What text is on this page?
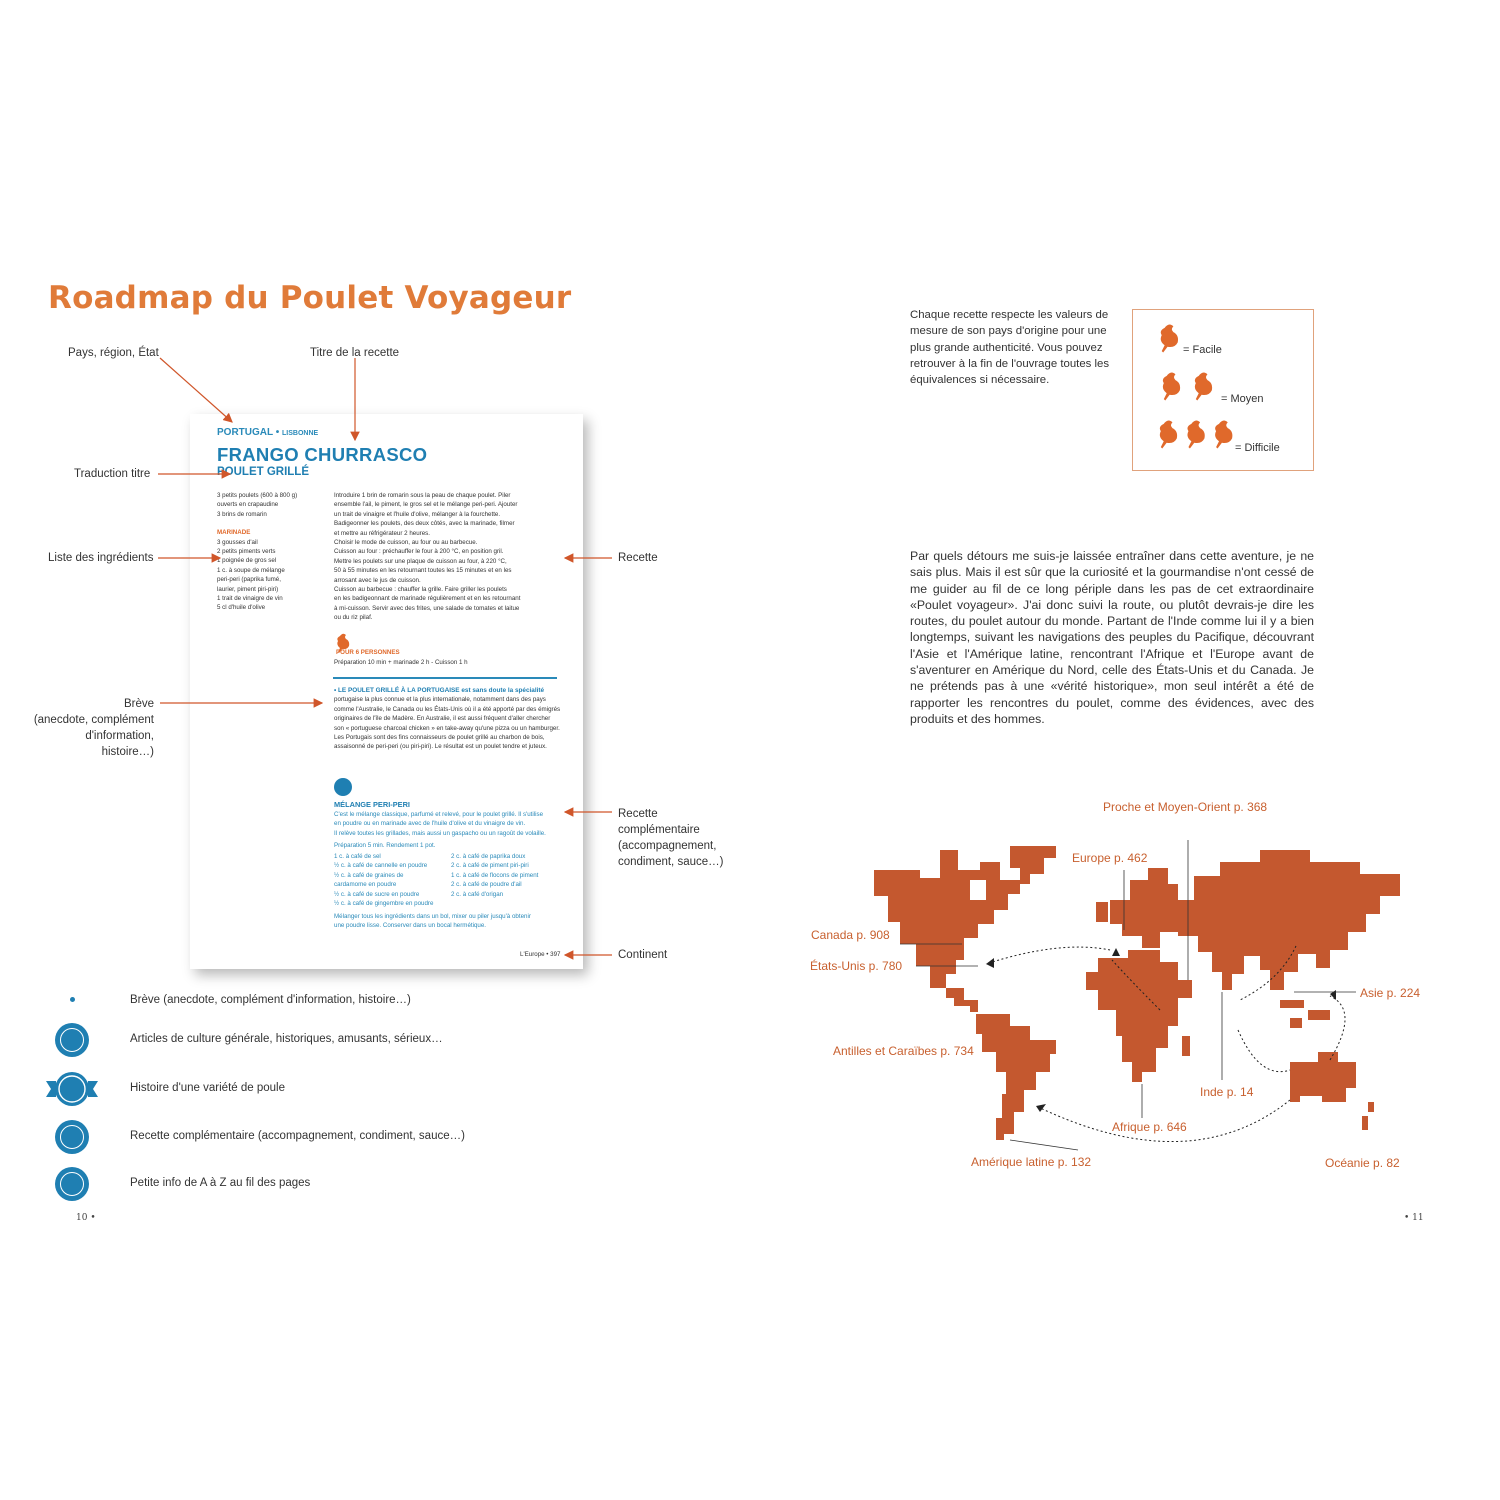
Roadmap du Poulet Voyageur
Pays, région, État	Titre de la recette
Traduction titre
Liste des ingrédients	Recette
Brève
(anecdote, complément
d'information, histoire…)
Recette
complémentaire
(accompagnement,
condiment, sauce…)
Continent
PORTUGAL • LISBONNE
FRANGO CHURRASCO
POULET GRILLÉ
3 petits poulets (600 à 800 g)
ouverts en crapaudine
3 brins de romarin
MARINADE
3 gousses d'ail
2 petits piments verts
1 poignée de gros sel
1 c. à soupe de mélange
peri-peri (paprika fumé,
laurier, piment piri-piri)
1 trait de vinaigre de vin
5 cl d'huile d'olive
Introduire 1 brin de romarin sous la peau de chaque poulet. Piler
ensemble l'ail, le piment, le gros sel et le mélange peri-peri. Ajouter
un trait de vinaigre et l'huile d'olive, mélanger à la fourchette.
Badigeonner les poulets, des deux côtés, avec la marinade, filmer
et mettre au réfrigérateur 2 heures.
Choisir le mode de cuisson, au four ou au barbecue.
Cuisson au four : préchauffer le four à 200 °C, en position gril.
Mettre les poulets sur une plaque de cuisson au four, à 220 °C,
50 à 55 minutes en les retournant toutes les 15 minutes et en les
arrosant avec le jus de cuisson.
Cuisson au barbecue : chauffer la grille. Faire griller les poulets
en les badigeonnant de marinade régulièrement et en les retournant
à mi-cuisson. Servir avec des frites, une salade de tomates et laitue
ou du riz pilaf.
POUR 6 PERSONNES
Préparation 10 min + marinade 2 h - Cuisson 1 h
• LE POULET GRILLÉ À LA PORTUGAISE est sans doute la spécialité
portugaise la plus connue et la plus internationale, notamment dans des pays
comme l'Australie, le Canada ou les États-Unis où il a été apporté par des émigrés
originaires de l'île de Madère. En Australie, il est aussi fréquent d'aller chercher
son « portuguese charcoal chicken » en take-away qu'une pizza ou un hamburger.
Les Portugais sont des fins connaisseurs de poulet grillé au charbon de bois,
assaisonné de peri-peri (ou piri-piri). Le résultat est un poulet tendre et juteux.
MÉLANGE PERI-PERI
C'est le mélange classique, parfumé et relevé, pour le poulet grillé. Il s'utilise
en poudre ou en marinade avec de l'huile d'olive et du vinaigre de vin.
Il relève toutes les grillades, mais aussi un gaspacho ou un ragoût de volaille.
Préparation 5 min. Rendement 1 pot.
1 c. à café de sel
½ c. à café de cannelle en poudre
½ c. à café de graines de
cardamome en poudre
½ c. à café de sucre en poudre
½ c. à café de gingembre en poudre
2 c. à café de paprika doux
2 c. à café de piment piri-piri
1 c. à café de flocons de piment
2 c. à café de poudre d'ail
2 c. à café d'origan
Mélanger tous les ingrédients dans un bol, mixer ou piler jusqu'à obtenir
une poudre lisse. Conserver dans un bocal hermétique.
L'Europe • 397
Brève (anecdote, complément d'information, histoire…)
Articles de culture générale, historiques, amusants, sérieux…
Histoire d'une variété de poule
Recette complémentaire (accompagnement, condiment, sauce…)
Petite info de A à Z au fil des pages
10 •
Chaque recette respecte les valeurs de mesure de son pays d'origine pour une plus grande authenticité. Vous pouvez retrouver à la fin de l'ouvrage toutes les équivalences si nécessaire.
= Facile
= Moyen
= Difficile
Par quels détours me suis-je laissée entraîner dans cette aventure, je ne sais plus. Mais il est sûr que la curiosité et la gourmandise n'ont cessé de me guider au fil de ce long périple dans les pas de cet extraordinaire «Poulet voyageur». J'ai donc suivi la route, ou plutôt devrais-je dire les routes, du poulet autour du monde. Partant de l'Inde comme lui il y a bien longtemps, suivant les navigations des peuples du Pacifique, découvrant l'Asie et l'Amérique latine, rencontrant l'Afrique et l'Europe avant de s'aventurer en Amérique du Nord, celle des États-Unis et du Canada. Je ne prétends pas à une «vérité historique», mon seul intérêt a été de rapporter les rencontres du poulet, comme des évidences, avec des produits et des hommes.
Proche et Moyen-Orient p. 368
Europe p. 462
Canada p. 908
États-Unis p. 780
Asie p. 224
Antilles et Caraïbes p. 734
Inde p. 14
Afrique p. 646
Amérique latine p. 132	Océanie p. 82
• 11
